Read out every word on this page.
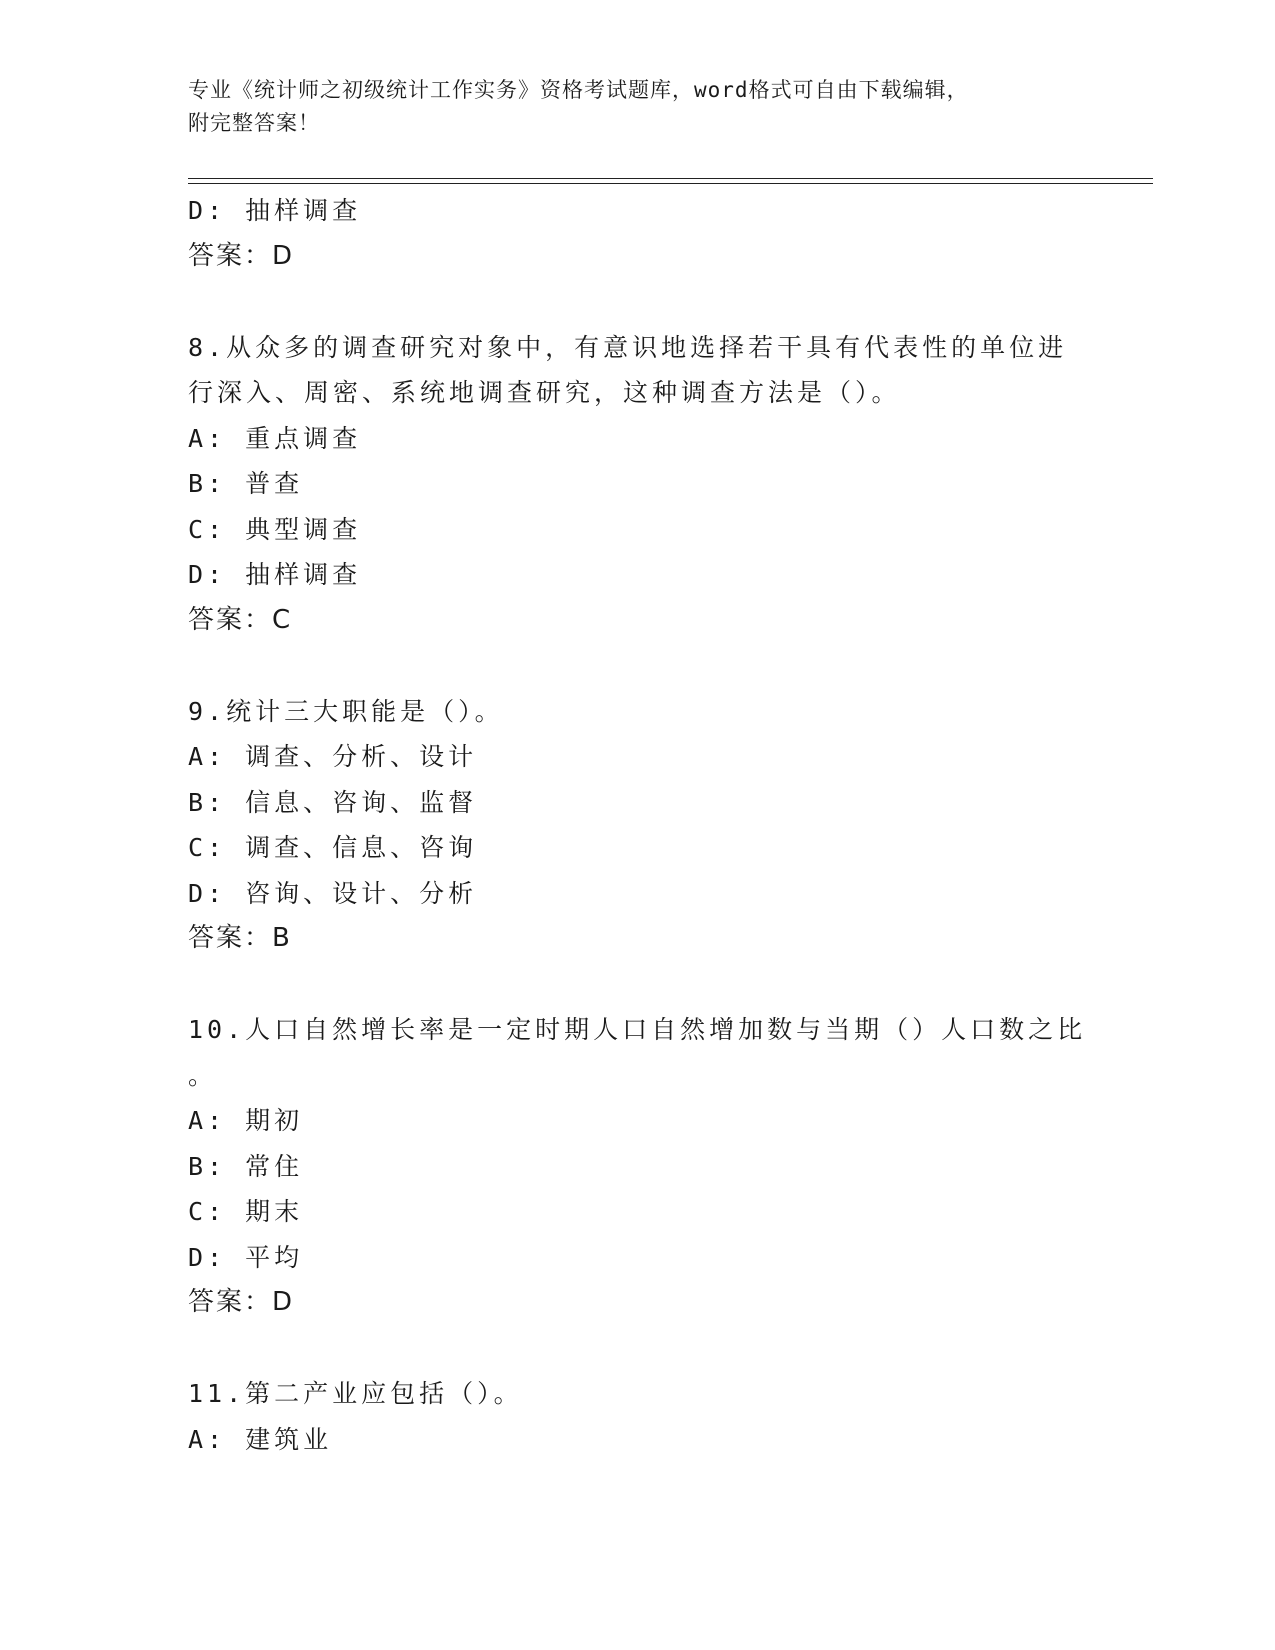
专业《统计师之初级统计工作实务》资格考试题库，word格式可自由下载编辑，
附完整答案！
D: 抽样调查
答案：D
8.从众多的调查研究对象中，有意识地选择若干具有代表性的单位进
行深入、周密、系统地调查研究，这种调查方法是（）。
A: 重点调查
B: 普查
C: 典型调查
D: 抽样调查
答案：C
9.统计三大职能是（）。
A: 调查、分析、设计
B: 信息、咨询、监督
C: 调查、信息、咨询
D: 咨询、设计、分析
答案：B
10.人口自然增长率是一定时期人口自然增加数与当期（）人口数之比
。
A: 期初
B: 常住
C: 期末
D: 平均
答案：D
11.第二产业应包括（）。
A: 建筑业
